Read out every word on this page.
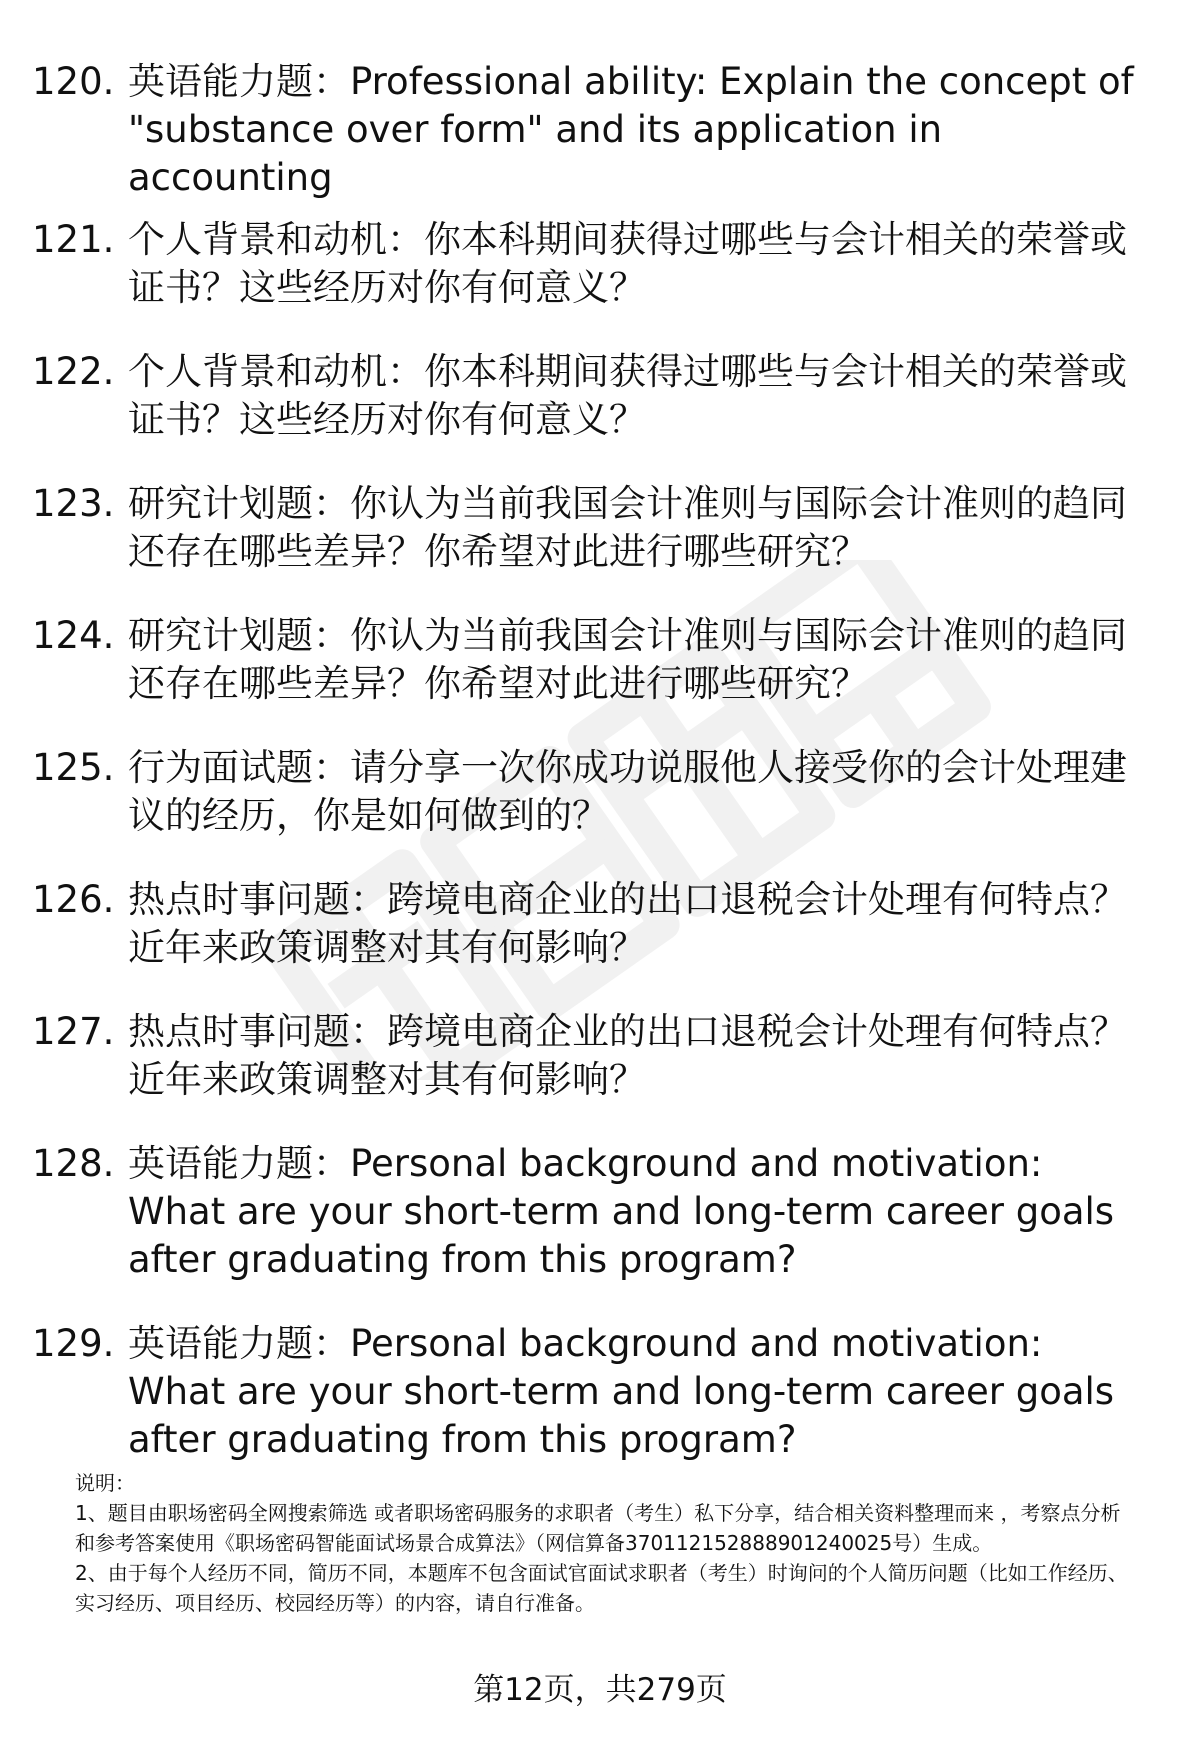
120. 英语能力题：Professional ability: Explain the concept of "substance over form" and its application in accounting
121. 个人背景和动机：你本科期间获得过哪些与会计相关的荣誉或证书？这些经历对你有何意义？
122. 个人背景和动机：你本科期间获得过哪些与会计相关的荣誉或证书？这些经历对你有何意义？
123. 研究计划题：你认为当前我国会计准则与国际会计准则的趋同还存在哪些差异？你希望对此进行哪些研究？
124. 研究计划题：你认为当前我国会计准则与国际会计准则的趋同还存在哪些差异？你希望对此进行哪些研究？
125. 行为面试题：请分享一次你成功说服他人接受你的会计处理建议的经历，你是如何做到的？
126. 热点时事问题：跨境电商企业的出口退税会计处理有何特点？近年来政策调整对其有何影响？
127. 热点时事问题：跨境电商企业的出口退税会计处理有何特点？近年来政策调整对其有何影响？
128. 英语能力题：Personal background and motivation: What are your short-term and long-term career goals after graduating from this program?
129. 英语能力题：Personal background and motivation: What are your short-term and long-term career goals after graduating from this program?

说明：

1、题目由职场密码全网搜索筛选 或者职场密码服务的求职者（考生）私下分享，结合相关资料整理而来 ，考察点分析和参考答案使用《职场密码智能面试场景合成算法》（网信算备370112152888901240025号）生成。

2、由于每个人经历不同，简历不同，本题库不包含面试官面试求职者（考生）时询问的个人简历问题（比如工作经历、实习经历、项目经历、校园经历等）的内容，请自行准备。

第12页，共279页
